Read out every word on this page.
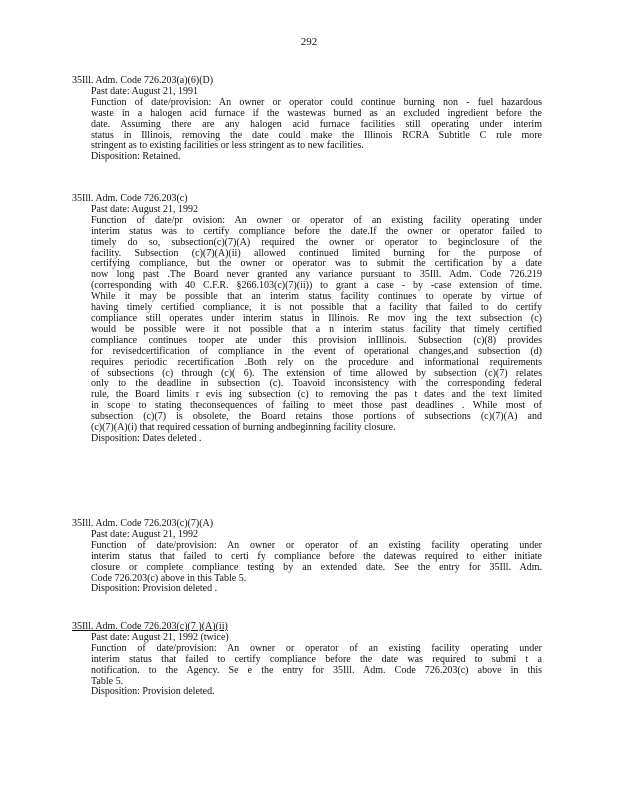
292

35Ill. Adm. Code 726.203(a)(6)(D)

Past date: August 21, 1991

Function of date/provision: An owner or operator could continue burning non - fuel hazardous

waste in a halogen acid furnace if the wastewas burned as an excluded ingredient before the

date. Assuming there are any halogen acid furnace facilities still operating under interim

status in Illinois, removing the date could make the Illinois RCRA Subtitle C rule more

stringent as to existing facilities or less stringent as to new facilities.

Disposition: Retained.

35Ill. Adm. Code 726.203(c)

Past date: August 21, 1992

Function of date/pr ovision: An owner or operator of an existing facility operating under

interim status was to certify compliance before the date.If the owner or operator failed to

timely do so, subsection(c)(7)(A) required the owner or operator to beginclosure of the

facility. Subsection (c)(7)(A)(ii) allowed continued limited burning for the purpose of

certifying compliance, but the owner or operator was to submit the certification by a date

now long past .The Board never granted any variance pursuant to 35Ill. Adm. Code 726.219

(corresponding with 40 C.F.R. §266.103(c)(7)(ii)) to grant a case - by -case extension of time.

While it may be possible that an interim status facility continues to operate by virtue of

having timely certified compliance, it is not possible that a facility that failed to do certify

compliance still operates under interim status in Illinois. Re mov ing the text subsection (c)

would be possible were it not possible that a n interim status facility that timely certified

compliance continues tooper ate under this provision inIllinois. Subsection (c)(8) provides

for revisedcertification of compliance in the event of operational changes,and subsection (d)

requires periodic recertification .Both rely on the procedure and informational requirements

of subsections (c) through (c)( 6). The extension of time allowed by subsection (c)(7) relates

only to the deadline in subsection (c). Toavoid inconsistency with the corresponding federal

rule, the Board limits r evis ing subsection (c) to removing the pas t dates and the text limited

in scope to stating theconsequences of failing to meet those past deadlines . While most of

subsection (c)(7) is obsolete, the Board retains those portions of subsections (c)(7)(A) and

(c)(7)(A)(i) that required cessation of burning andbeginning facility closure.

Disposition: Dates deleted .

35Ill. Adm. Code 726.203(c)(7)(A)

Past date: August 21, 1992

Function of date/provision: An owner or operator of an existing facility operating under

interim status that failed to certi fy compliance before the datewas required to either initiate

closure or complete compliance testing by an extended date. See the entry for 35Ill. Adm.

Code 726.203(c) above in this Table 5.

Disposition: Provision deleted .

35Ill. Adm. Code 726.203(c)(7 )(A)(ii)

Past date: August 21, 1992 (twice)

Function of date/provision: An owner or operator of an existing facility operating under

interim status that failed to certify compliance before the date was required to submi t a

notification. to the Agency. Se e the entry for 35Ill. Adm. Code 726.203(c) above in this

Table 5.

Disposition: Provision deleted.
